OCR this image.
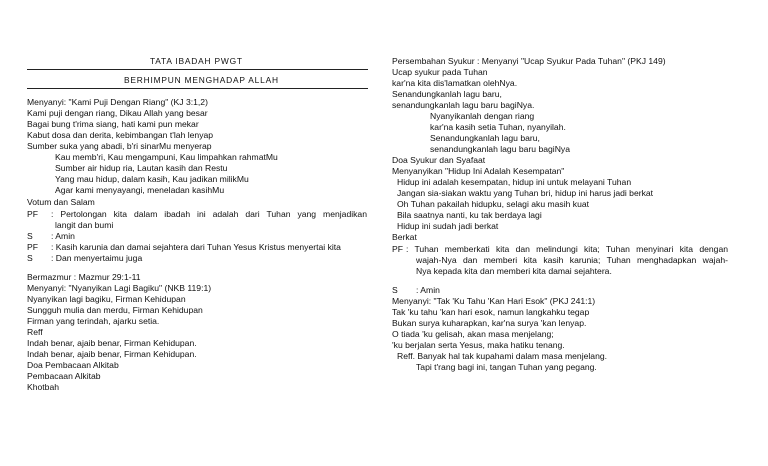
TATA IBADAH PWGT
BERHIMPUN MENGHADAP ALLAH
Menyanyi: "Kami Puji Dengan Riang" (KJ 3:1,2)
Kami puji dengan riang, Dikau Allah yang besar
Bagai bung t'rima siang, hati kami pun mekar
Kabut dosa dan derita, kebimbangan t'lah lenyap
Sumber suka yang abadi, b'ri sinarMu menyerap
Kau memb'ri, Kau mengampuni, Kau limpahkan rahmatMu
Sumber air hidup ria, Lautan kasih dan Restu
Yang mau hidup, dalam kasih, Kau jadikan milikMu
Agar kami menyayangi, meneladan kasihMu
Votum dan Salam
PF : Pertolongan kita dalam ibadah ini adalah dari Tuhan yang menjadikan
langit dan bumi
S : Amin
PF : Kasih karunia dan damai sejahtera dari Tuhan Yesus Kristus menyertai kita
S : Dan menyertaimu juga
Bermazmur : Mazmur 29:1-11
Menyanyi: "Nyanyikan Lagi Bagiku" (NKB 119:1)
Nyanyikan lagi bagiku, Firman Kehidupan
Sungguh mulia dan merdu, Firman Kehidupan
Firman yang terindah, ajarku setia.
Reff
Indah benar, ajaib benar, Firman Kehidupan.
Indah benar, ajaib benar, Firman Kehidupan.
Doa Pembacaan Alkitab
Pembacaan Alkitab
Khotbah
Persembahan Syukur : Menyanyi "Ucap Syukur Pada Tuhan" (PKJ 149)
Ucap syukur pada Tuhan
kar'na kita dis'lamatkan olehNya.
Senandungkanlah lagu baru,
senandungkanlah lagu baru bagiNya.
Nyanyikanlah dengan riang
kar'na kasih setia Tuhan, nyanyilah.
Senandungkanlah lagu baru,
senandungkanlah lagu baru bagiNya
Doa Syukur dan Syafaat
Menyanyikan "Hidup Ini Adalah Kesempatan"
Hidup ini adalah kesempatan, hidup ini untuk melayani Tuhan
Jangan sia-siakan waktu yang Tuhan bri, hidup ini harus jadi berkat
Oh Tuhan pakailah hidupku, selagi aku masih kuat
Bila saatnya nanti, ku tak berdaya lagi
Hidup ini sudah jadi berkat
Berkat
PF : Tuhan memberkati kita dan melindungi kita; Tuhan menyinari kita dengan
wajah-Nya dan memberi kita kasih karunia; Tuhan menghadapkan wajah-
Nya kepada kita dan memberi kita damai sejahtera.
S : Amin
Menyanyi: "Tak 'Ku Tahu 'Kan Hari Esok" (PKJ 241:1)
Tak 'ku tahu 'kan hari esok, namun langkahku tegap
Bukan surya kuharapkan, kar'na surya 'kan lenyap.
O tiada 'ku gelisah, akan masa menjelang;
'ku berjalan serta Yesus, maka hatiku tenang.
Reff. Banyak hal tak kupahami dalam masa menjelang.
Tapi t'rang bagi ini, tangan Tuhan yang pegang.
